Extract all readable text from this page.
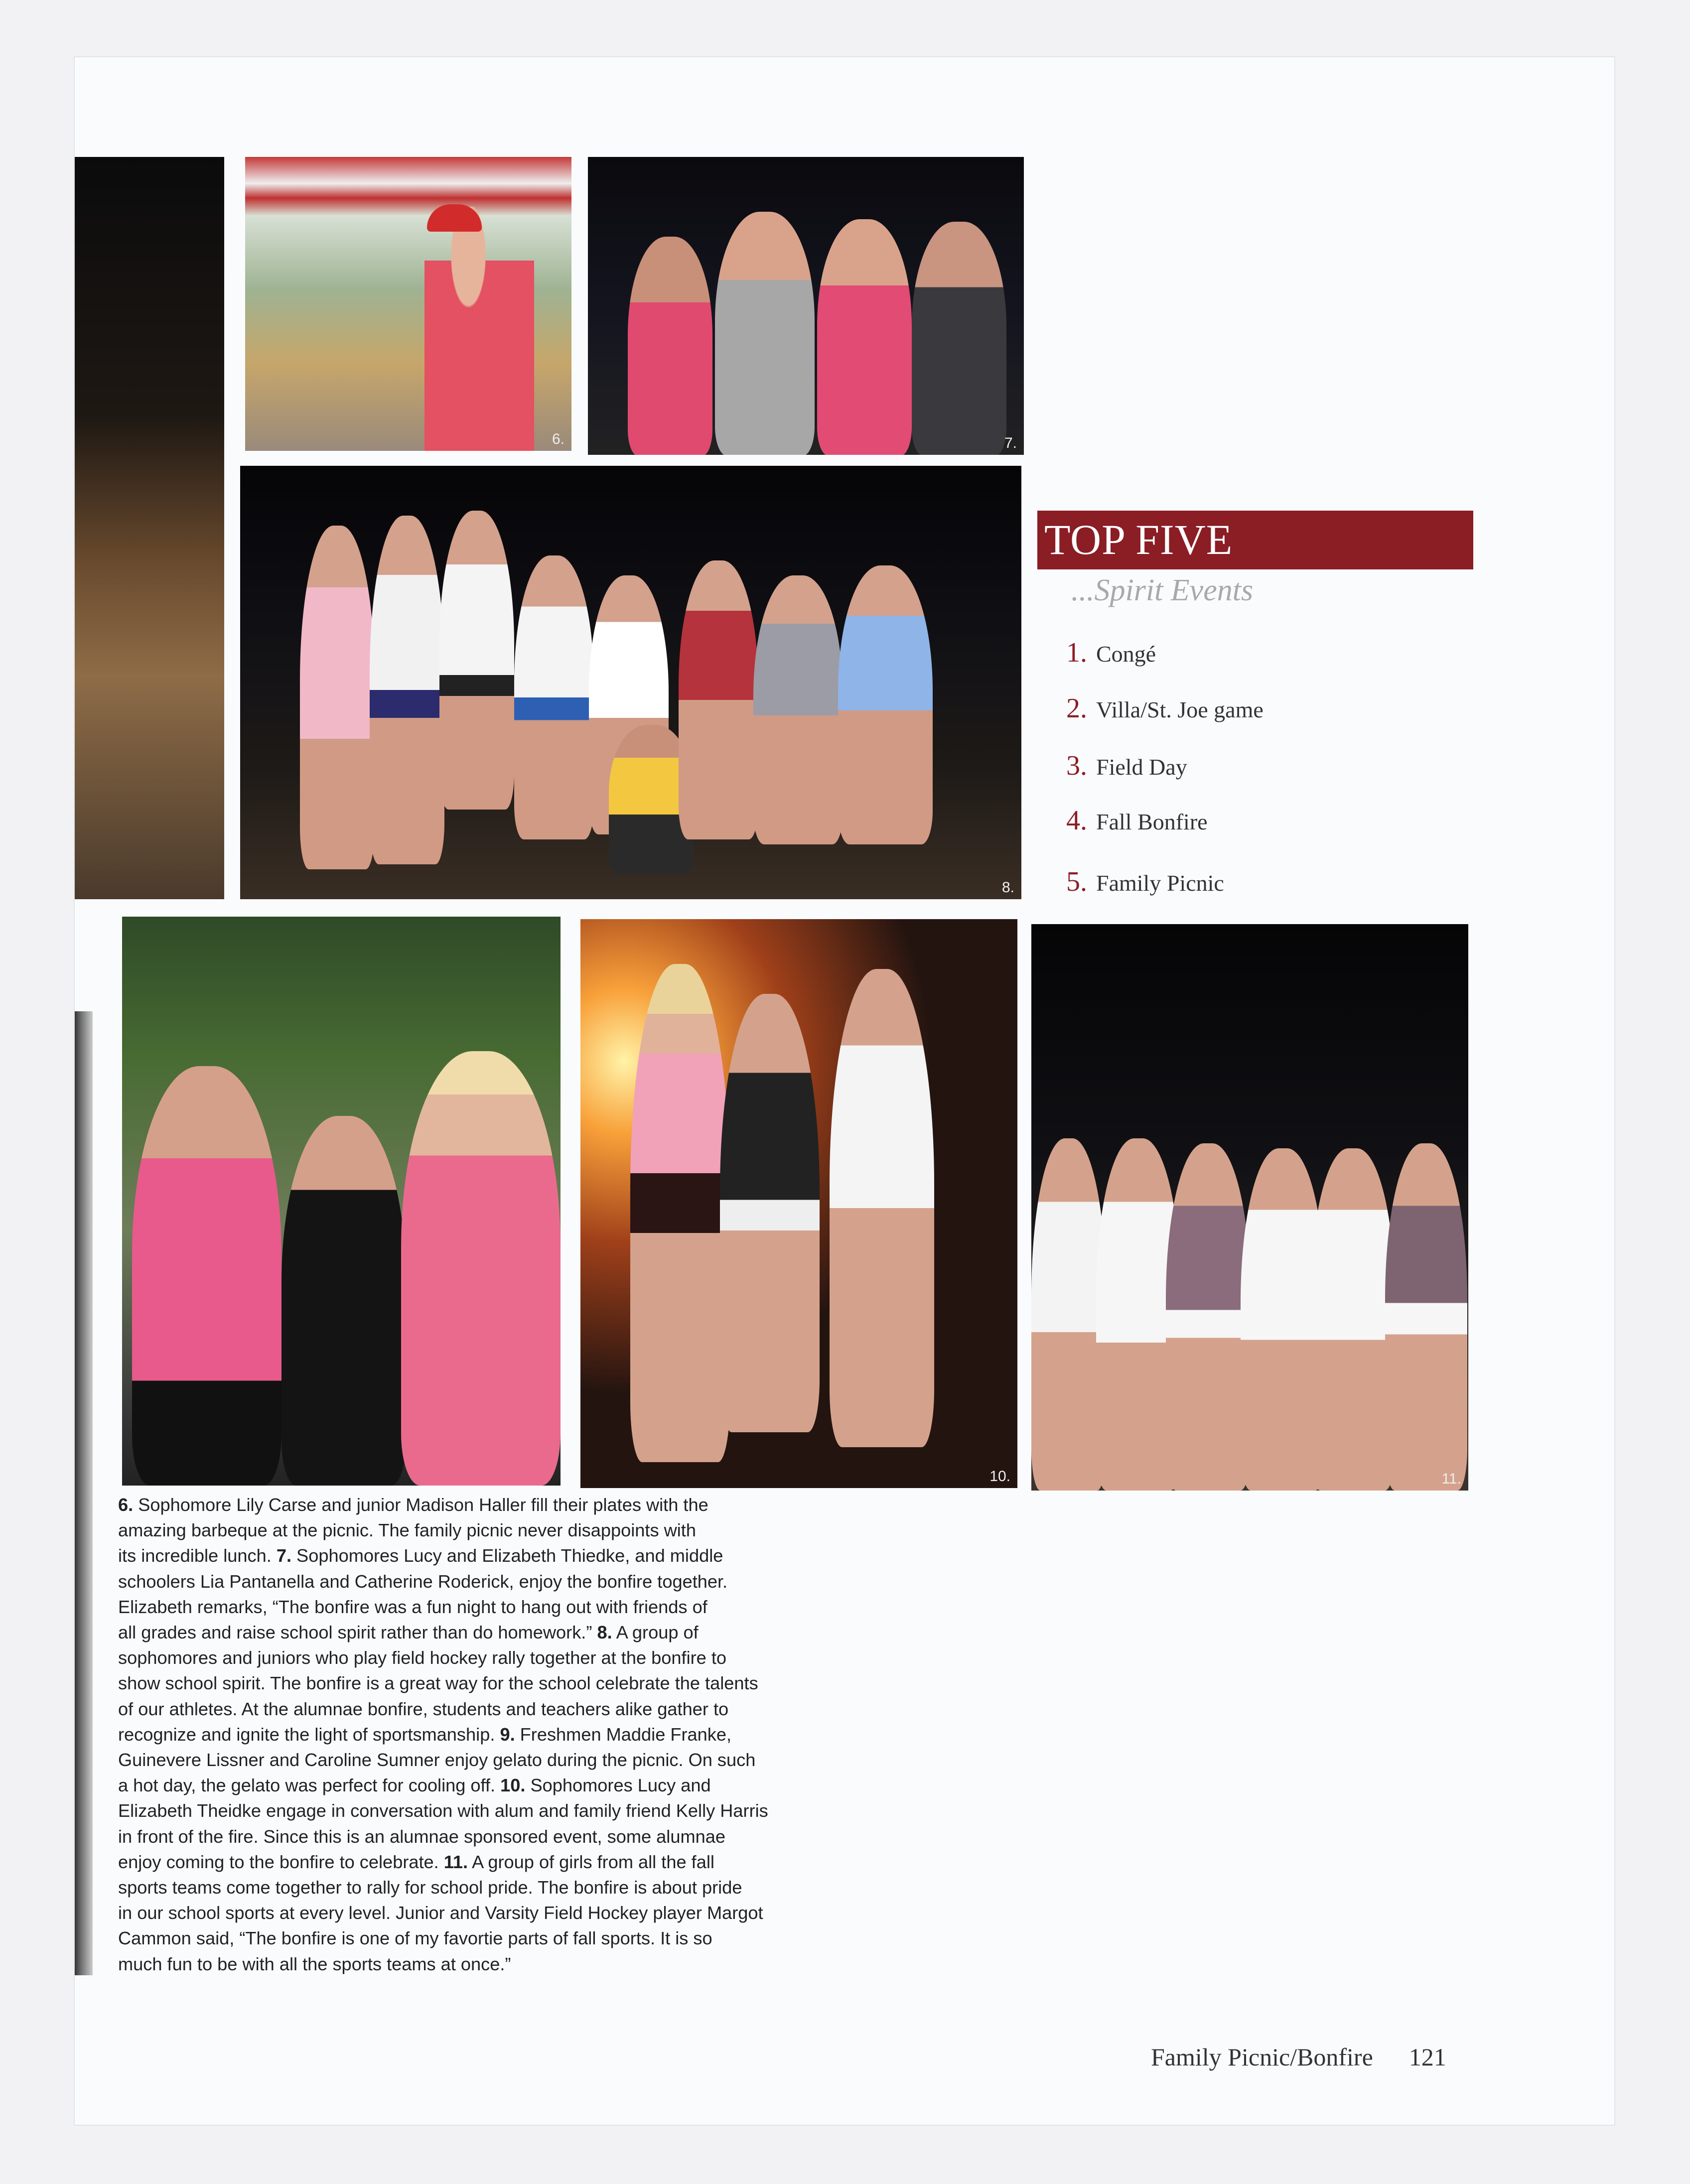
6.	7.
8.
10.	11.
TOP FIVE
...Spirit Events
1. Congé
2. Villa/St. Joe game
3. Field Day
4. Fall Bonfire
5. Family Picnic
6. Sophomore Lily Carse and junior Madison Haller fill their plates with the
amazing barbeque at the picnic. The family picnic never disappoints with
its incredible lunch. 7. Sophomores Lucy and Elizabeth Thiedke, and middle
schoolers Lia Pantanella and Catherine Roderick, enjoy the bonfire together.
Elizabeth remarks, “The bonfire was a fun night to hang out with friends of
all grades and raise school spirit rather than do homework.” 8. A group of
sophomores and juniors who play field hockey rally together at the bonfire to
show school spirit. The bonfire is a great way for the school celebrate the talents
of our athletes. At the alumnae bonfire, students and teachers alike gather to
recognize and ignite the light of sportsmanship. 9. Freshmen Maddie Franke,
Guinevere Lissner and Caroline Sumner enjoy gelato during the picnic. On such
a hot day, the gelato was perfect for cooling off. 10. Sophomores Lucy and
Elizabeth Theidke engage in conversation with alum and family friend Kelly Harris
in front of the fire. Since this is an alumnae sponsored event, some alumnae
enjoy coming to the bonfire to celebrate. 11. A group of girls from all the fall
sports teams come together to rally for school pride. The bonfire is about pride
in our school sports at every level. Junior and Varsity Field Hockey player Margot
Cammon said, “The bonfire is one of my favortie parts of fall sports. It is so
much fun to be with all the sports teams at once.”
Family Picnic/Bonfire 121
